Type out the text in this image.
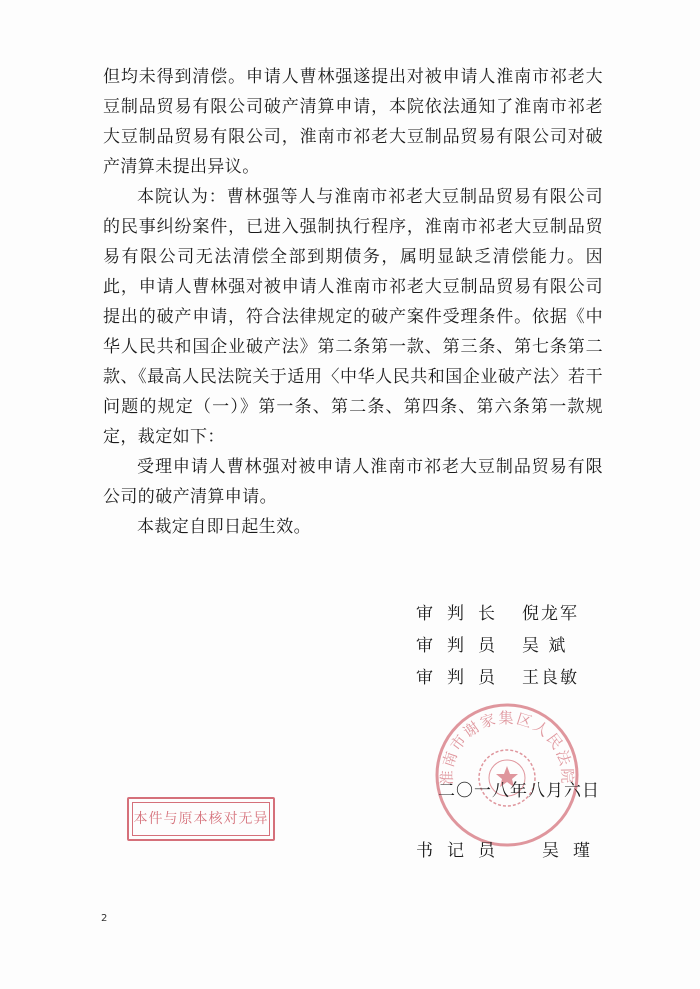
但均未得到清偿。申请人曹林强遂提出对被申请人淮南市祁老大豆制品贸易有限公司破产清算申请，本院依法通知了淮南市祁老大豆制品贸易有限公司，淮南市祁老大豆制品贸易有限公司对破产清算未提出异议。

本院认为：曹林强等人与淮南市祁老大豆制品贸易有限公司的民事纠纷案件，已进入强制执行程序，淮南市祁老大豆制品贸易有限公司无法清偿全部到期债务，属明显缺乏清偿能力。因此，申请人曹林强对被申请人淮南市祁老大豆制品贸易有限公司提出的破产申请，符合法律规定的破产案件受理条件。依据《中华人民共和国企业破产法》第二条第一款、第三条、第七条第二款、《最高人民法院关于适用〈中华人民共和国企业破产法〉若干问题的规定（一）》第一条、第二条、第四条、第六条第一款规定，裁定如下：

受理申请人曹林强对被申请人淮南市祁老大豆制品贸易有限公司的破产清算申请。

本裁定自即日起生效。

淮南市谢家集区人民法院
审判长 倪龙军
审判员 吴 斌
审判员 王良敏
二〇一八年八月六日
本件与原本核对无异
书记员	吴瑾
2
